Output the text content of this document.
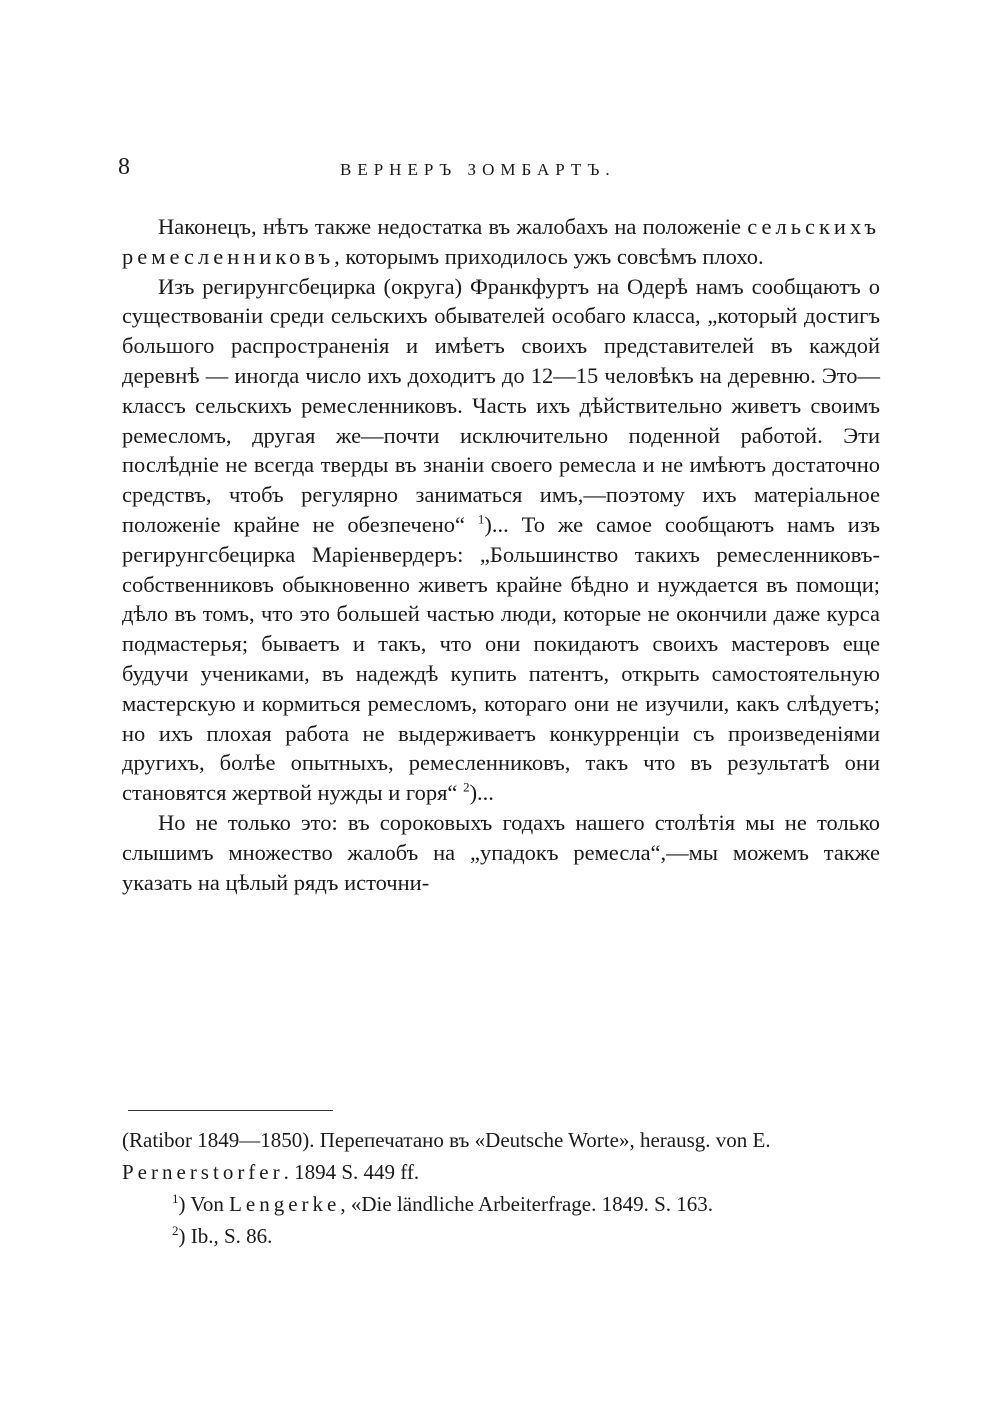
8	ВЕРНЕРЪ ЗОМБАРТЪ.

Наконецъ, нѣтъ также недостатка въ жалобахъ на положеніе сельскихъ ремесленниковъ, которымъ приходилось ужъ совсѣмъ плохо.

Изъ регирунгсбецирка (округа) Франкфуртъ на Одерѣ намъ сообщаютъ о существованіи среди сельскихъ обывателей особаго класса, „который достигъ большого распространенія и имѣетъ своихъ представителей въ каждой деревнѣ — иногда число ихъ доходитъ до 12—15 человѣкъ на деревню. Это—классъ сельскихъ ремесленниковъ. Часть ихъ дѣйствительно живетъ своимъ ремесломъ, другая же—почти исключительно поденной работой. Эти послѣдніе не всегда тверды въ знаніи своего ремесла и не имѣютъ достаточно средствъ, чтобъ регулярно заниматься имъ,—поэтому ихъ матеріальное положеніе крайне не обезпечено“ $^1$)... То же самое сообщаютъ намъ изъ регирунгсбецирка Маріенвердеръ: „Большинство такихъ ремесленниковъ-собственниковъ обыкновенно живетъ крайне бѣдно и нуждается въ помощи; дѣло въ томъ, что это большей частью люди, которые не окончили даже курса подмастерья; бываетъ и такъ, что они покидаютъ своихъ мастеровъ еще будучи учениками, въ надеждѣ купить патентъ, открыть самостоятельную мастерскую и кормиться ремесломъ, котораго они не изучили, какъ слѣдуетъ; но ихъ плохая работа не выдерживаетъ конкурренціи съ произведеніями другихъ, болѣе опытныхъ, ремесленниковъ, такъ что въ результатѣ они становятся жертвой нужды и горя“ $^2$)...

Но не только это: въ сороковыхъ годахъ нашего столѣтія мы не только слышимъ множество жалобъ на „упадокъ ремесла“,—мы можемъ также указать на цѣлый рядъ источни-

(Ratibor 1849—1850). Перепечатано въ «Deutsche Worte», herausg. von E. Pernerstorfer. 1894 S. 449 ff.

$^1$) Von Lengerke, «Die ländliche Arbeiterfrage. 1849. S. 163.

$^2$) Ib., S. 86.
